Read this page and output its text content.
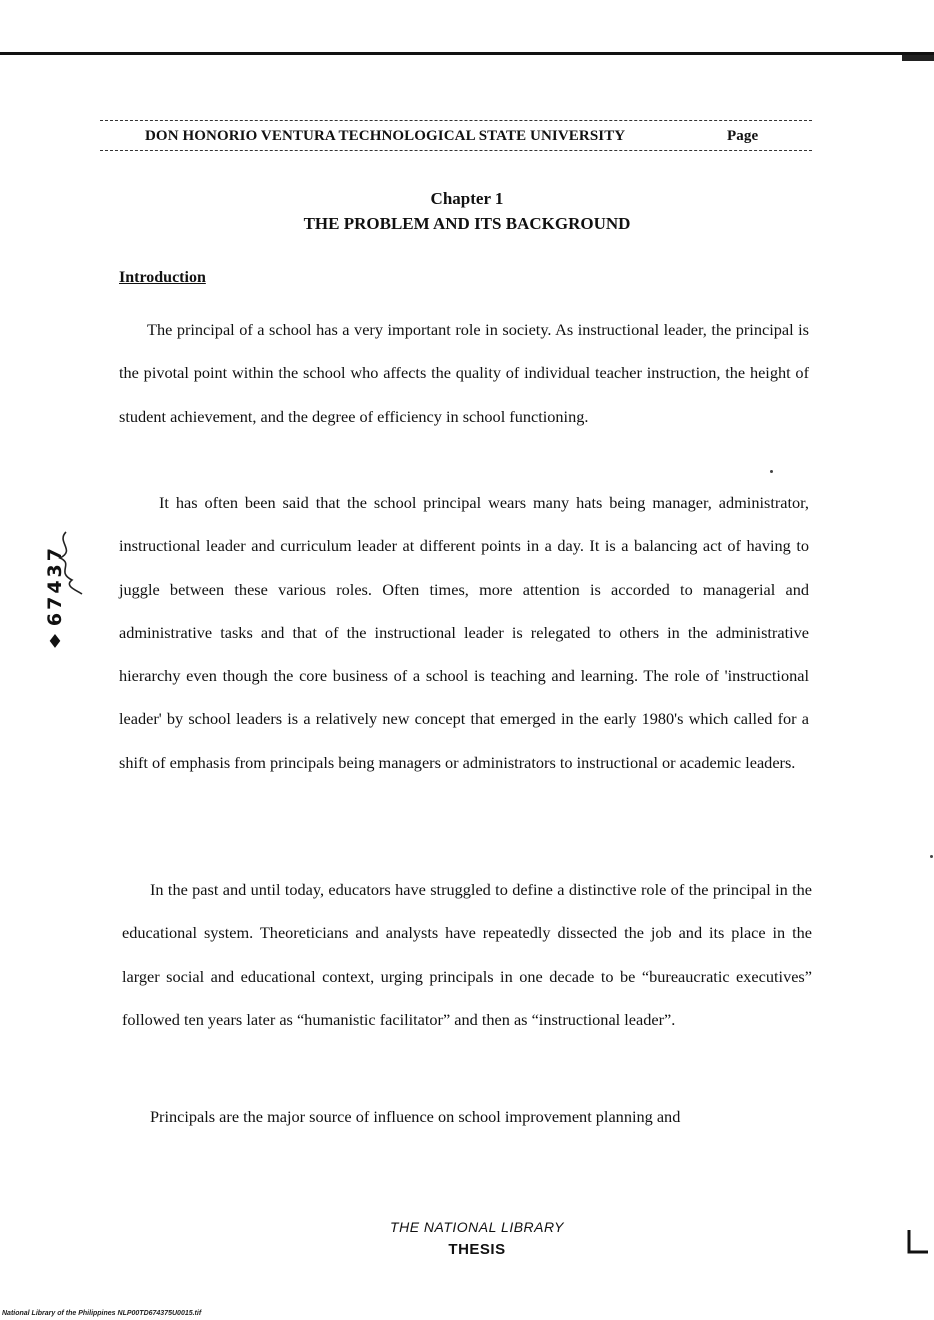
DON HONORIO VENTURA TECHNOLOGICAL STATE UNIVERSITY	Page
Chapter 1
THE PROBLEM AND ITS BACKGROUND
Introduction
The principal of a school has a very important role in society. As instructional leader, the principal is the pivotal point within the school who affects the quality of individual teacher instruction, the height of student achievement, and the degree of efficiency in school functioning.
It has often been said that the school principal wears many hats being manager, administrator, instructional leader and curriculum leader at different points in a day. It is a balancing act of having to juggle between these various roles. Often times, more attention is accorded to managerial and administrative tasks and that of the instructional leader is relegated to others in the administrative hierarchy even though the core business of a school is teaching and learning. The role of 'instructional leader' by school leaders is a relatively new concept that emerged in the early 1980's which called for a shift of emphasis from principals being managers or administrators to instructional or academic leaders.
In the past and until today, educators have struggled to define a distinctive role of the principal in the educational system. Theoreticians and analysts have repeatedly dissected the job and its place in the larger social and educational context, urging principals in one decade to be “bureaucratic executives” followed ten years later as “humanistic facilitator” and then as “instructional leader”.
Principals are the major source of influence on school improvement planning and
♦67437
THE NATIONAL LIBRARY
THESIS
National Library of the Philippines NLP00TD674375U0015.tif
